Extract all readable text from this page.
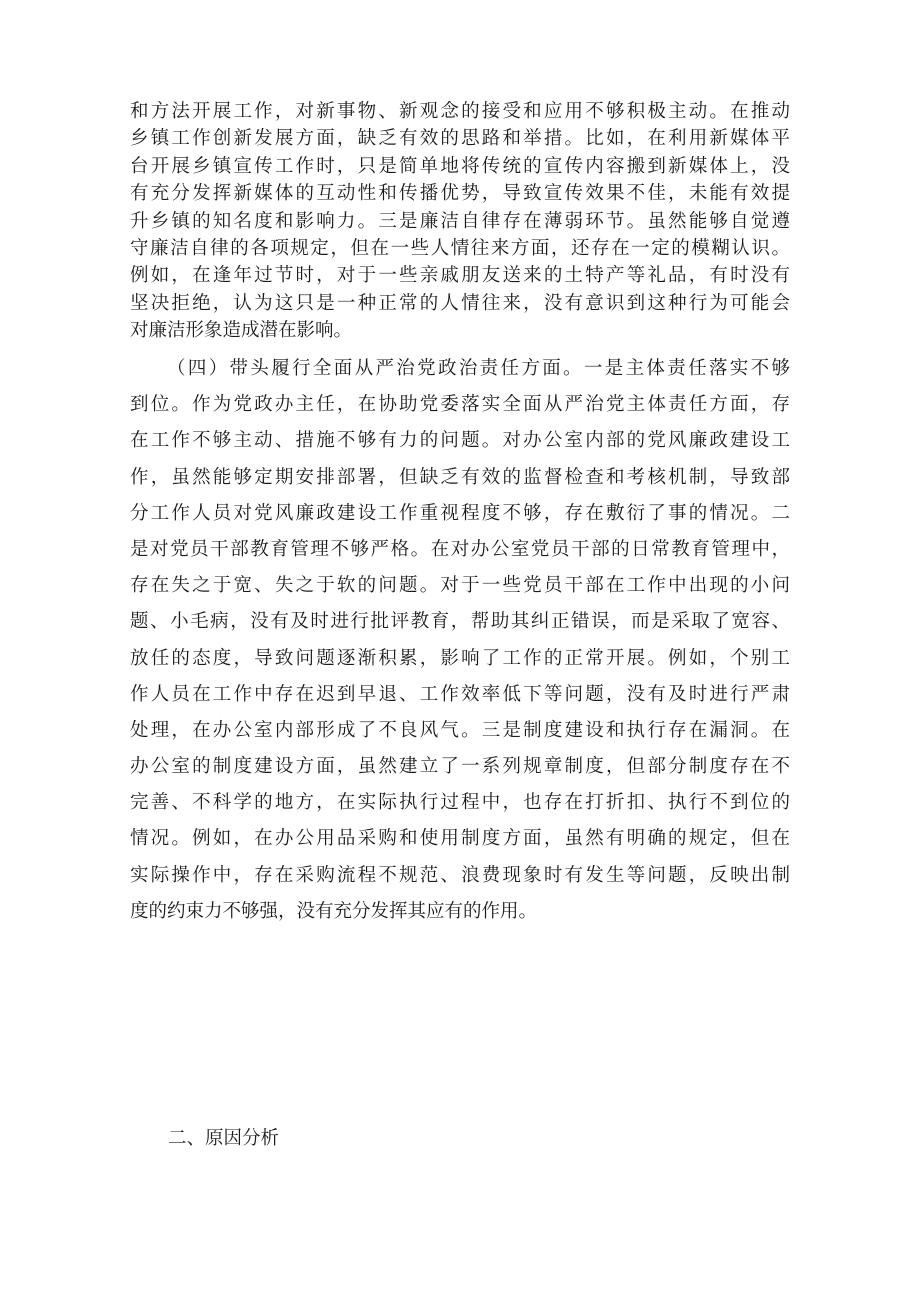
和方法开展工作，对新事物、新观念的接受和应用不够积极主动。在推动
乡镇工作创新发展方面，缺乏有效的思路和举措。比如，在利用新媒体平
台开展乡镇宣传工作时，只是简单地将传统的宣传内容搬到新媒体上，没
有充分发挥新媒体的互动性和传播优势，导致宣传效果不佳，未能有效提
升乡镇的知名度和影响力。三是廉洁自律存在薄弱环节。虽然能够自觉遵
守廉洁自律的各项规定，但在一些人情往来方面，还存在一定的模糊认识。
例如，在逢年过节时，对于一些亲戚朋友送来的土特产等礼品，有时没有
坚决拒绝，认为这只是一种正常的人情往来，没有意识到这种行为可能会
对廉洁形象造成潜在影响。
（四）带头履行全面从严治党政治责任方面。一是主体责任落实不够
到位。作为党政办主任，在协助党委落实全面从严治党主体责任方面，存
在工作不够主动、措施不够有力的问题。对办公室内部的党风廉政建设工
作，虽然能够定期安排部署，但缺乏有效的监督检查和考核机制，导致部
分工作人员对党风廉政建设工作重视程度不够，存在敷衍了事的情况。二
是对党员干部教育管理不够严格。在对办公室党员干部的日常教育管理中，
存在失之于宽、失之于软的问题。对于一些党员干部在工作中出现的小问
题、小毛病，没有及时进行批评教育，帮助其纠正错误，而是采取了宽容、
放任的态度，导致问题逐渐积累，影响了工作的正常开展。例如，个别工
作人员在工作中存在迟到早退、工作效率低下等问题，没有及时进行严肃
处理，在办公室内部形成了不良风气。三是制度建设和执行存在漏洞。在
办公室的制度建设方面，虽然建立了一系列规章制度，但部分制度存在不
完善、不科学的地方，在实际执行过程中，也存在打折扣、执行不到位的
情况。例如，在办公用品采购和使用制度方面，虽然有明确的规定，但在
实际操作中，存在采购流程不规范、浪费现象时有发生等问题，反映出制
度的约束力不够强，没有充分发挥其应有的作用。
二、原因分析
